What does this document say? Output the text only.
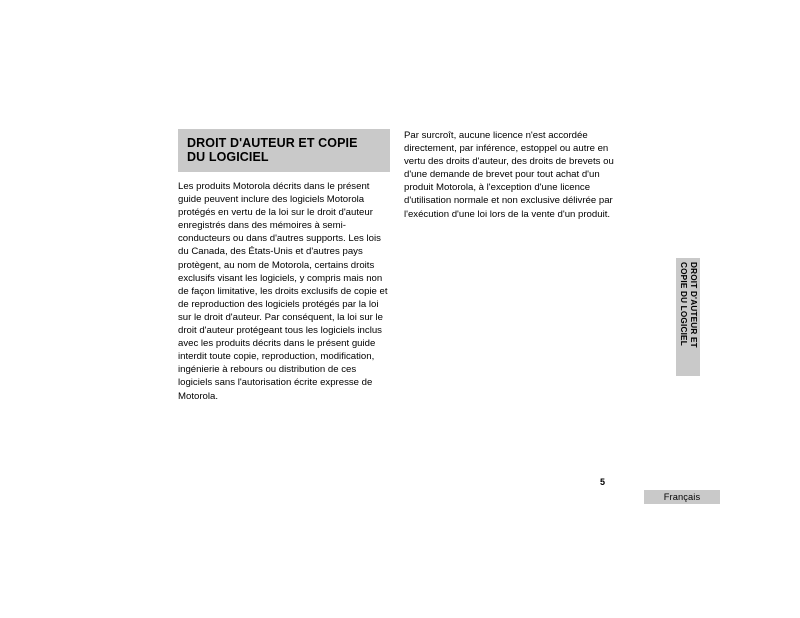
DROIT D'AUTEUR ET COPIE
DU LOGICIEL

Les produits Motorola décrits dans le présent guide peuvent inclure des logiciels Motorola protégés en vertu de la loi sur le droit d'auteur enregistrés dans des mémoires à semi-conducteurs ou dans d'autres supports. Les lois du Canada, des États-Unis et d'autres pays protègent, au nom de Motorola, certains droits exclusifs visant les logiciels, y compris mais non de façon limitative, les droits exclusifs de copie et de reproduction des logiciels protégés par la loi sur le droit d'auteur. Par conséquent, la loi sur le droit d'auteur protégeant tous les logiciels inclus avec les produits décrits dans le présent guide interdit toute copie, reproduction, modification, ingénierie à rebours ou distribution de ces logiciels sans l'autorisation écrite expresse de Motorola.

Par surcroît, aucune licence n'est accordée directement, par inférence, estoppel ou autre en vertu des droits d'auteur, des droits de brevets ou d'une demande de brevet pour tout achat d'un produit Motorola, à l'exception d'une licence d'utilisation normale et non exclusive délivrée par l'exécution d'une loi lors de la vente d'un produit.

DROIT D'AUTEUR ET
COPIE DU LOGICIEL
5
Français
